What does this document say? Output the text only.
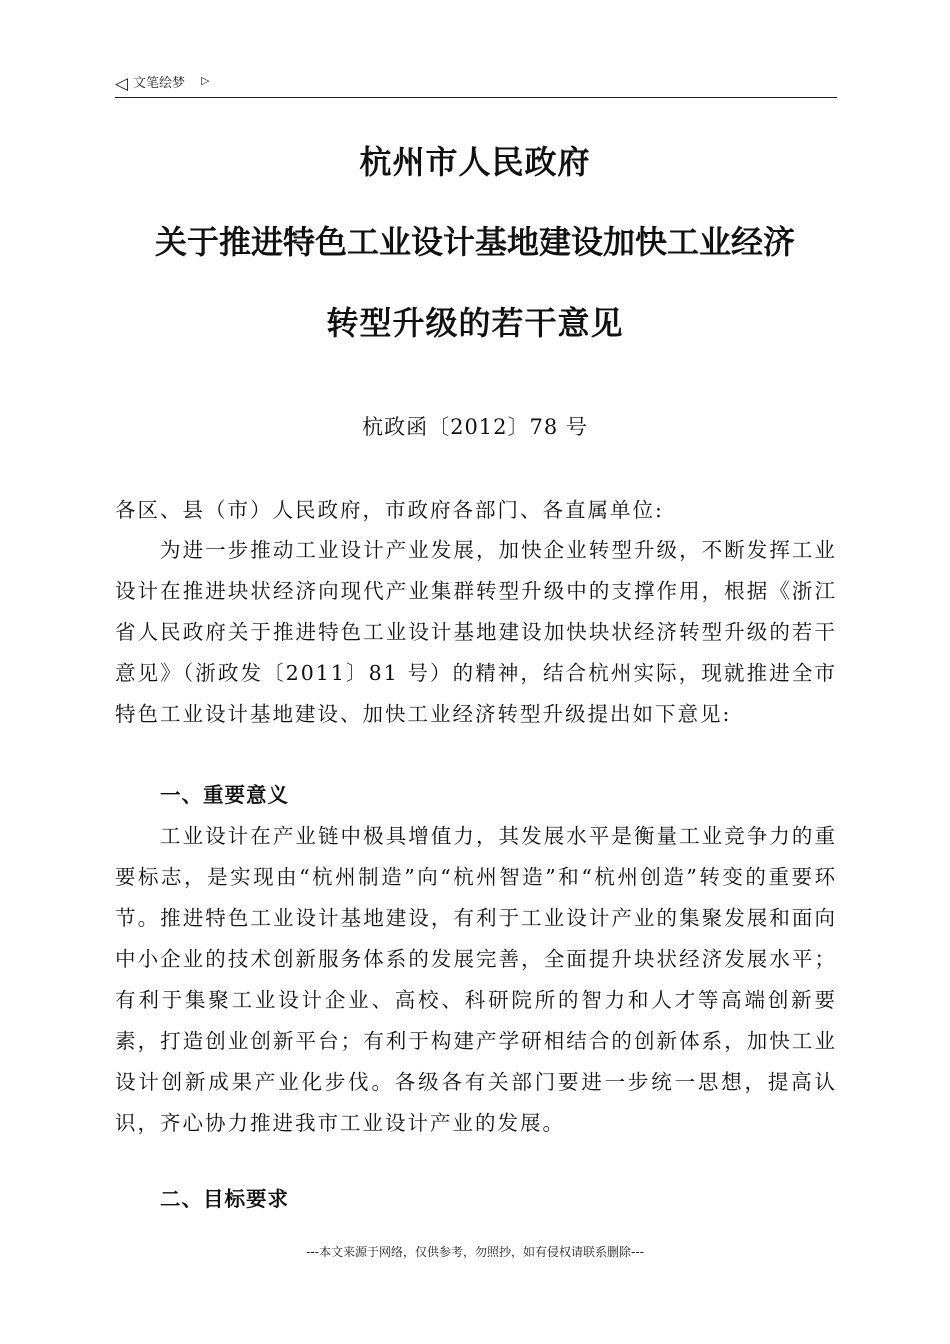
◁ 文笔绘梦 ▷
杭州市人民政府
关于推进特色工业设计基地建设加快工业经济
转型升级的若干意见
杭政函〔2012〕78 号
各区、县（市）人民政府，市政府各部门、各直属单位:

为进一步推动工业设计产业发展，加快企业转型升级，不断发挥工业设计在推进块状经济向现代产业集群转型升级中的支撑作用，根据《浙江省人民政府关于推进特色工业设计基地建设加快块状经济转型升级的若干意见》（浙政发〔2011〕81 号）的精神，结合杭州实际，现就推进全市特色工业设计基地建设、加快工业经济转型升级提出如下意见:

一、重要意义

工业设计在产业链中极具增值力，其发展水平是衡量工业竞争力的重要标志，是实现由“杭州制造”向“杭州智造”和“杭州创造”转变的重要环节。推进特色工业设计基地建设，有利于工业设计产业的集聚发展和面向中小企业的技术创新服务体系的发展完善，全面提升块状经济发展水平；有利于集聚工业设计企业、高校、科研院所的智力和人才等高端创新要素，打造创业创新平台；有利于构建产学研相结合的创新体系，加快工业设计创新成果产业化步伐。各级各有关部门要进一步统一思想，提高认识，齐心协力推进我市工业设计产业的发展。

二、目标要求
---本文来源于网络，仅供参考，勿照抄，如有侵权请联系删除---
